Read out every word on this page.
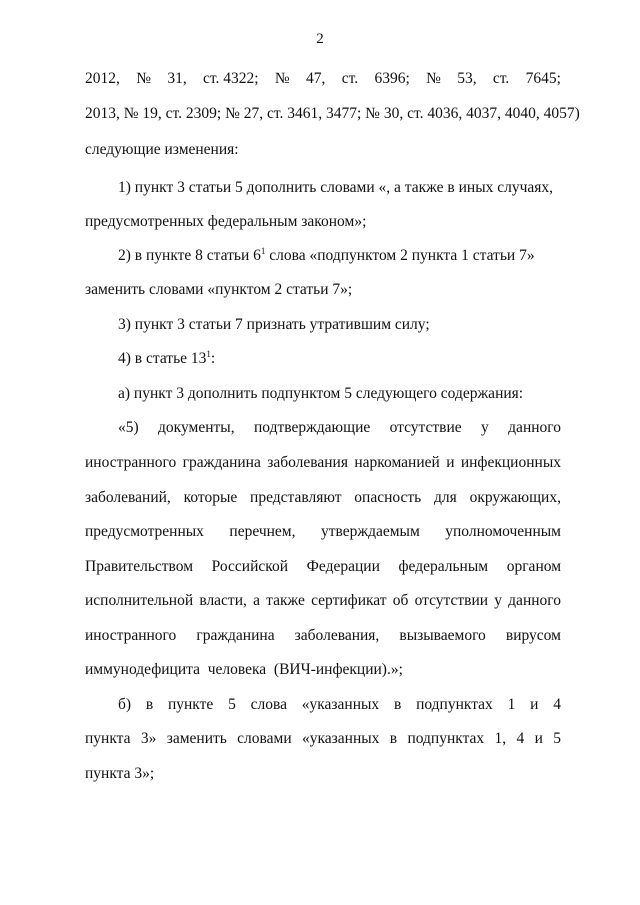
2
2012, № 31, ст. 4322; № 47, ст. 6396; № 53, ст. 7645;
2013, № 19, ст. 2309; № 27, ст. 3461, 3477; № 30, ст. 4036, 4037, 4040, 4057)
следующие изменения:
1) пункт 3 статьи 5 дополнить словами «, а также в иных случаях,
предусмотренных федеральным законом»;
2) в пункте 8 статьи $6^1$ слова «подпунктом 2 пункта 1 статьи 7»
заменить словами «пунктом 2 статьи 7»;
3) пункт 3 статьи 7 признать утратившим силу;
4) в статье $13^1$:
а) пункт 3 дополнить подпунктом 5 следующего содержания:
«5) документы, подтверждающие отсутствие у данного
иностранного гражданина заболевания наркоманией и инфекционных
заболеваний, которые представляют опасность для окружающих,
предусмотренных перечнем, утверждаемым уполномоченным
Правительством Российской Федерации федеральным органом
исполнительной власти, а также сертификат об отсутствии у данного
иностранного гражданина заболевания, вызываемого вирусом
иммунодефицита  человека  (ВИЧ-инфекции).»;
б) в пункте 5 слова «указанных в подпунктах 1 и 4
пункта 3» заменить словами «указанных в подпунктах 1, 4 и 5
пункта 3»;
